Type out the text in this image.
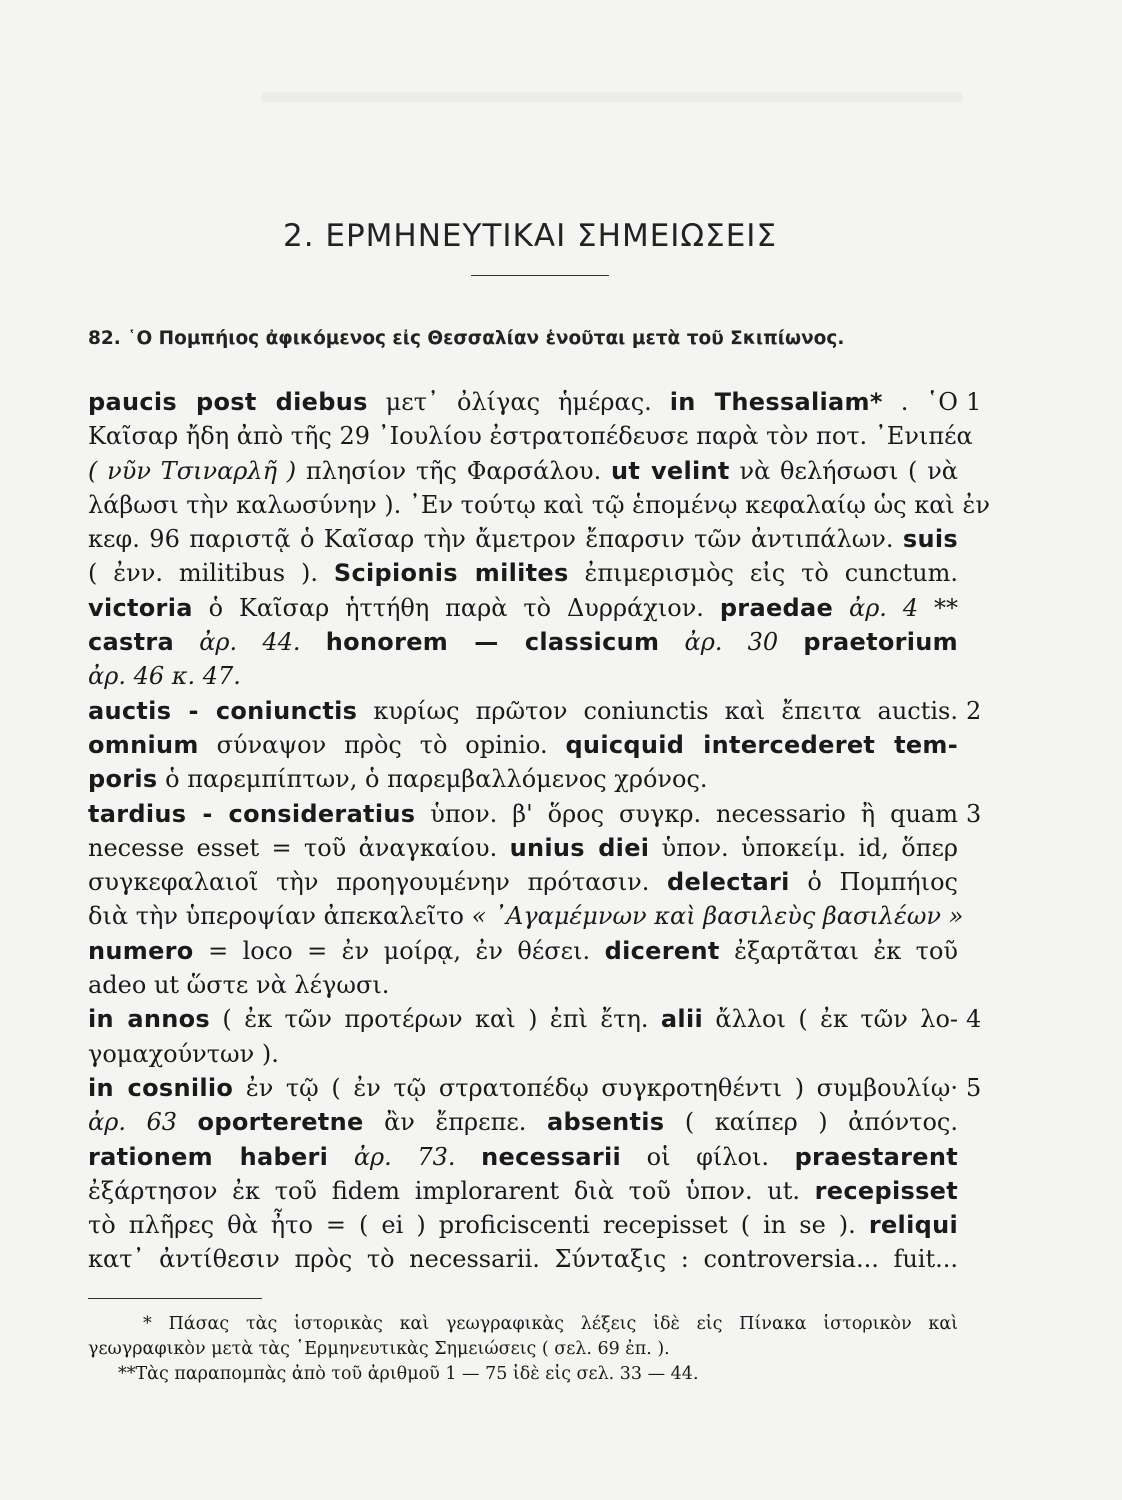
2. ΕΡΜΗΝΕΥΤΙΚΑΙ ΣΗΜΕΙΩΣΕΙΣ
82. ῾Ο Πομπήιος ἀφικόμενος εἰς Θεσσαλίαν ἑνοῦται μετὰ τοῦ Σκιπίωνος.
paucis post diebus μετ᾽ ὀλίγας ἡμέρας. in Thessaliam* . ῾Ο 1
Καῖσαρ ἤδη ἀπὸ τῆς 29 ᾿Ιουλίου ἐστρατοπέδευσε παρὰ τὸν ποτ. ᾿Ενιπέα
( νῦν Τσιναρλῆ ) πλησίον τῆς Φαρσάλου. ut velint νὰ θελήσωσι ( νὰ
λάβωσι τὴν καλωσύνην ). ᾿Εν τούτῳ καὶ τῷ ἑπομένῳ κεφαλαίῳ ὡς καὶ ἐν
κεφ. 96 παριστᾷ ὁ Καῖσαρ τὴν ἄμετρον ἔπαρσιν τῶν ἀντιπάλων. suis
( ἐνν. militibus ). Scipionis milites ἐπιμερισμὸς εἰς τὸ cunctum.
victoria ὁ Καῖσαρ ἡττήθη παρὰ τὸ Δυρράχιον. praedae ἀρ. 4 **
castra ἀρ. 44. honorem — classicum ἀρ. 30 praetorium
ἀρ. 46 κ. 47.
auctis - coniunctis κυρίως πρῶτον coniunctis καὶ ἔπειτα auctis. 2
omnium σύναψον πρὸς τὸ opinio. quicquid intercederet tem-
poris ὁ παρεμπίπτων, ὁ παρεμβαλλόμενος χρόνος.
tardius - consideratius ὑπον. β' ὅρος συγκρ. necessario ἢ quam 3
necesse esset = τοῦ ἀναγκαίου. unius diei ὑπον. ὑποκείμ. id, ὅπερ
συγκεφαλαιοῖ τὴν προηγουμένην πρότασιν. delectari ὁ Πομπήιος
διὰ τὴν ὑπεροψίαν ἀπεκαλεῖτο « ᾿Αγαμέμνων καὶ βασιλεὺς βασιλέων »
numero = loco = ἐν μοίρᾳ, ἐν θέσει. dicerent ἐξαρτᾶται ἐκ τοῦ
adeo ut ὥστε νὰ λέγωσι.
in annos ( ἐκ τῶν προτέρων καὶ ) ἐπὶ ἔτη. alii ἄλλοι ( ἐκ τῶν λο- 4
γομαχούντων ).
in cosnilio ἐν τῷ ( ἐν τῷ στρατοπέδῳ συγκροτηθέντι ) συμβουλίῳ· 5
ἀρ. 63 oporteretne ἂν ἔπρεπε. absentis ( καίπερ ) ἀπόντος.
rationem haberi ἀρ. 73. necessarii οἱ φίλοι. praestarent
ἐξάρτησον ἐκ τοῦ fidem implorarent διὰ τοῦ ὑπον. ut. recepisset
τὸ πλῆρες θὰ ἦτο = ( ei ) proficiscenti recepisset ( in se ). reliqui
κατ᾽ ἀντίθεσιν πρὸς τὸ necessarii. Σύνταξις : controversia... fuit...
* Πάσας τὰς ἱστορικὰς καὶ γεωγραφικὰς λέξεις ἰδὲ εἰς Πίνακα ἱστορικὸν καὶ
γεωγραφικὸν μετὰ τὰς ῾Ερμηνευτικὰς Σημειώσεις ( σελ. 69 ἐπ. ).
**Τὰς παραπομπὰς ἀπὸ τοῦ ἀριθμοῦ 1 — 75 ἰδὲ εἰς σελ. 33 — 44.
